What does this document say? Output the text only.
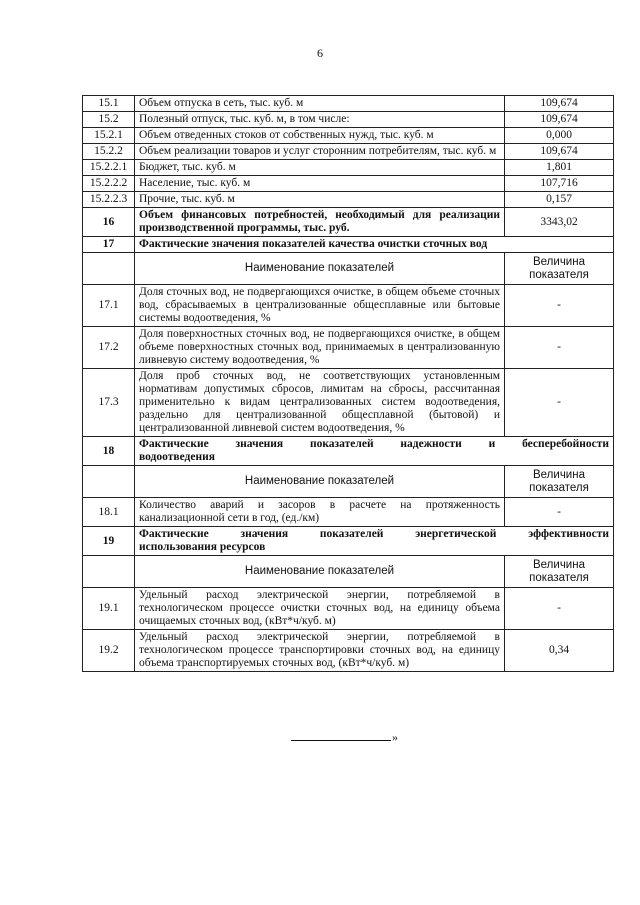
6
15.1	Объем отпуска в сеть, тыс. куб. м	109,674
15.2	Полезный отпуск, тыс. куб. м, в том числе:	109,674
15.2.1	Объем отведенных стоков от собственных нужд, тыс. куб. м	0,000
15.2.2	Объем реализации товаров и услуг сторонним потребителям, тыс. куб. м	109,674
15.2.2.1	Бюджет, тыс. куб. м	1,801
15.2.2.2	Население, тыс. куб. м	107,716
15.2.2.3	Прочие, тыс. куб. м	0,157
16	Объем финансовых потребностей, необходимый для реализации производственной программы, тыс. руб.	3343,02
17	Фактические значения показателей качества очистки сточных вод	
	Наименование показателей	Величина показателя
17.1	Доля сточных вод, не подвергающихся очистке, в общем объеме сточных вод, сбрасываемых в централизованные общесплавные или бытовые системы водоотведения, %	-
17.2	Доля поверхностных сточных вод, не подвергающихся очистке, в общем объеме поверхностных сточных вод, принимаемых в централизованную ливневую систему водоотведения, %	-
17.3	Доля проб сточных вод, не соответствующих установленным нормативам допустимых сбросов, лимитам на сбросы, рассчитанная применительно к видам централизованных систем водоотведения, раздельно для централизованной общесплавной (бытовой) и централизованной ливневой систем водоотведения, %	-
18	Фактические значения показателей надежности и бесперебойности
водоотведения	
	Наименование показателей	Величина показателя
18.1	Количество аварий и засоров в расчете на протяженность канализационной сети в год, (ед./км)	-
19	Фактические значения показателей энергетической эффективности
использования ресурсов	
	Наименование показателей	Величина показателя
19.1	Удельный расход электрической энергии, потребляемой в технологическом процессе очистки сточных вод, на единицу объема очищаемых сточных вод, (кВт*ч/куб. м)	-
19.2	Удельный расход электрической энергии, потребляемой в технологическом процессе транспортировки сточных вод, на единицу объема транспортируемых сточных вод, (кВт*ч/куб. м)	0,34
»
